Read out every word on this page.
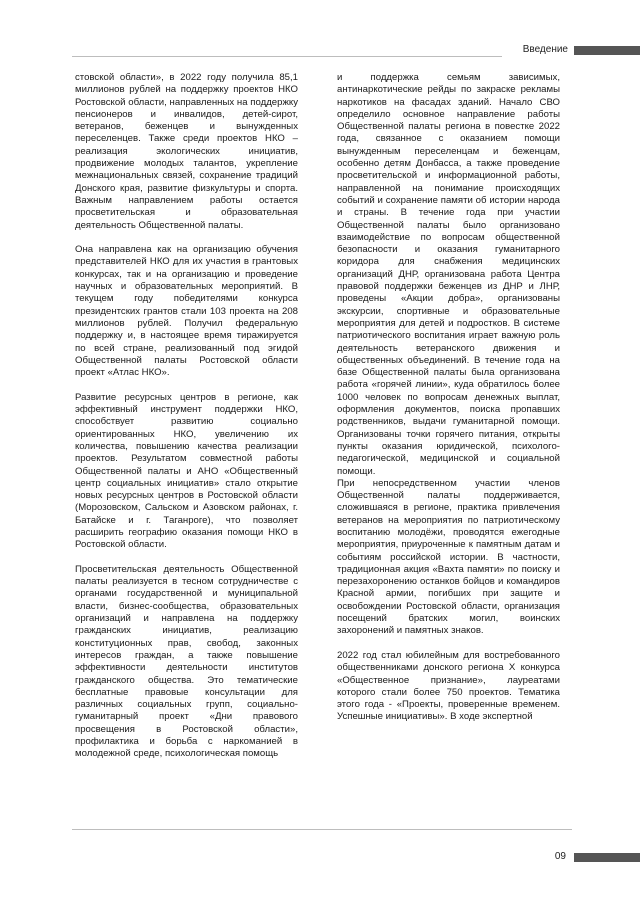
Введение

стовской области», в 2022 году получила 85,1 миллионов рублей на поддержку проектов НКО Ростовской области, направленных на поддержку пенсионеров и инвалидов, детей-сирот, ветеранов, беженцев и вынужденных переселенцев. Также среди проектов НКО – реализация экологических инициатив, продвижение молодых талантов, укрепление межнациональных связей, сохранение традиций Донского края, развитие физкультуры и спорта. Важным направлением работы остается просветительская и образовательная деятельность Общественной палаты.

Она направлена как на организацию обучения представителей НКО для их участия в грантовых конкурсах, так и на организацию и проведение научных и образовательных мероприятий. В текущем году победителями конкурса президентских грантов стали 103 проекта на 208 миллионов рублей. Получил федеральную поддержку и, в настоящее время тиражируется по всей стране, реализованный под эгидой Общественной палаты Ростовской области проект «Атлас НКО».

Развитие ресурсных центров в регионе, как эффективный инструмент поддержки НКО, способствует развитию социально ориентированных НКО, увеличению их количества, повышению качества реализации проектов. Результатом совместной работы Общественной палаты и АНО «Общественный центр социальных инициатив» стало открытие новых ресурсных центров в Ростовской области (Морозовском, Сальском и Азовском районах, г. Батайске и г. Таганроге), что позволяет расширить географию оказания помощи НКО в Ростовской области.

Просветительская деятельность Общественной палаты реализуется в тесном сотрудничестве с органами государственной и муниципальной власти, бизнес-сообщества, образовательных организаций и направлена на поддержку гражданских инициатив, реализацию конституционных прав, свобод, законных интересов граждан, а также повышение эффективности деятельности институтов гражданского общества. Это тематические бесплатные правовые консультации для различных социальных групп, социально-гуманитарный проект «Дни правового просвещения в Ростовской области», профилактика и борьба с наркоманией в молодежной среде, психологическая помощь

и поддержка семьям зависимых, антинаркотические рейды по закраске рекламы наркотиков на фасадах зданий. Начало СВО определило основное направление работы Общественной палаты региона в повестке 2022 года, связанное с оказанием помощи вынужденным переселенцам и беженцам, особенно детям Донбасса, а также проведение просветительской и информационной работы, направленной на понимание происходящих событий и сохранение памяти об истории народа и страны. В течение года при участии Общественной палаты было организовано взаимодействие по вопросам общественной безопасности и оказания гуманитарного коридора для снабжения медицинских организаций ДНР, организована работа Центра правовой поддержки беженцев из ДНР и ЛНР, проведены «Акции добра», организованы экскурсии, спортивные и образовательные мероприятия для детей и подростков. В системе патриотического воспитания играет важную роль деятельность ветеранского движения и общественных объединений. В течение года на базе Общественной палаты была организована работа «горячей линии», куда обратилось более 1000 человек по вопросам денежных выплат, оформления документов, поиска пропавших родственников, выдачи гуманитарной помощи. Организованы точки горячего питания, открыты пункты оказания юридической, психолого-педагогической, медицинской и социальной помощи.

При непосредственном участии членов Общественной палаты поддерживается, сложившаяся в регионе, практика привлечения ветеранов на мероприятия по патриотическому воспитанию молодёжи, проводятся ежегодные мероприятия, приуроченные к памятным датам и событиям российской истории. В частности, традиционная акция «Вахта памяти» по поиску и перезахоронению останков бойцов и командиров Красной армии, погибших при защите и освобождении Ростовской области, организация посещений братских могил, воинских захоронений и памятных знаков.

2022 год стал юбилейным для востребованного общественниками донского региона X конкурса «Общественное признание», лауреатами которого стали более 750 проектов. Тематика этого года - «Проекты, проверенные временем. Успешные инициативы». В ходе экспертной

09
